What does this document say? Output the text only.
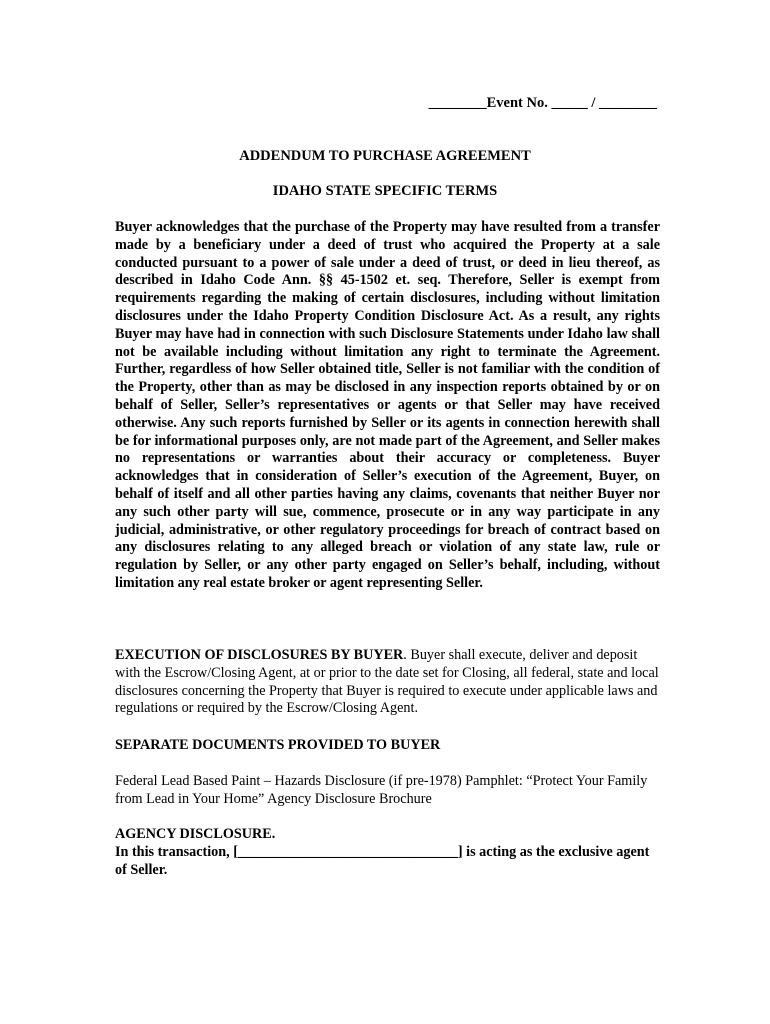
________Event No. _____ / ________
ADDENDUM TO PURCHASE AGREEMENT
IDAHO STATE SPECIFIC TERMS
Buyer acknowledges that the purchase of the Property may have resulted from a transfer made by a beneficiary under a deed of trust who acquired the Property at a sale conducted pursuant to a power of sale under a deed of trust, or deed in lieu thereof, as described in Idaho Code Ann. §§ 45-1502 et. seq. Therefore, Seller is exempt from requirements regarding the making of certain disclosures, including without limitation disclosures under the Idaho Property Condition Disclosure Act. As a result, any rights Buyer may have had in connection with such Disclosure Statements under Idaho law shall not be available including without limitation any right to terminate the Agreement. Further, regardless of how Seller obtained title, Seller is not familiar with the condition of the Property, other than as may be disclosed in any inspection reports obtained by or on behalf of Seller, Seller’s representatives or agents or that Seller may have received otherwise. Any such reports furnished by Seller or its agents in connection herewith shall be for informational purposes only, are not made part of the Agreement, and Seller makes no representations or warranties about their accuracy or completeness. Buyer acknowledges that in consideration of Seller’s execution of the Agreement, Buyer, on behalf of itself and all other parties having any claims, covenants that neither Buyer nor any such other party will sue, commence, prosecute or in any way participate in any judicial, administrative, or other regulatory proceedings for breach of contract based on any disclosures relating to any alleged breach or violation of any state law, rule or regulation by Seller, or any other party engaged on Seller’s behalf, including, without limitation any real estate broker or agent representing Seller.
EXECUTION OF DISCLOSURES BY BUYER. Buyer shall execute, deliver and deposit with the Escrow/Closing Agent, at or prior to the date set for Closing, all federal, state and local disclosures concerning the Property that Buyer is required to execute under applicable laws and regulations or required by the Escrow/Closing Agent.
SEPARATE DOCUMENTS PROVIDED TO BUYER
Federal Lead Based Paint – Hazards Disclosure (if pre-1978) Pamphlet: “Protect Your Family from Lead in Your Home” Agency Disclosure Brochure
AGENCY DISCLOSURE.
In this transaction, [_______________________________] is acting as the exclusive agent of Seller.
